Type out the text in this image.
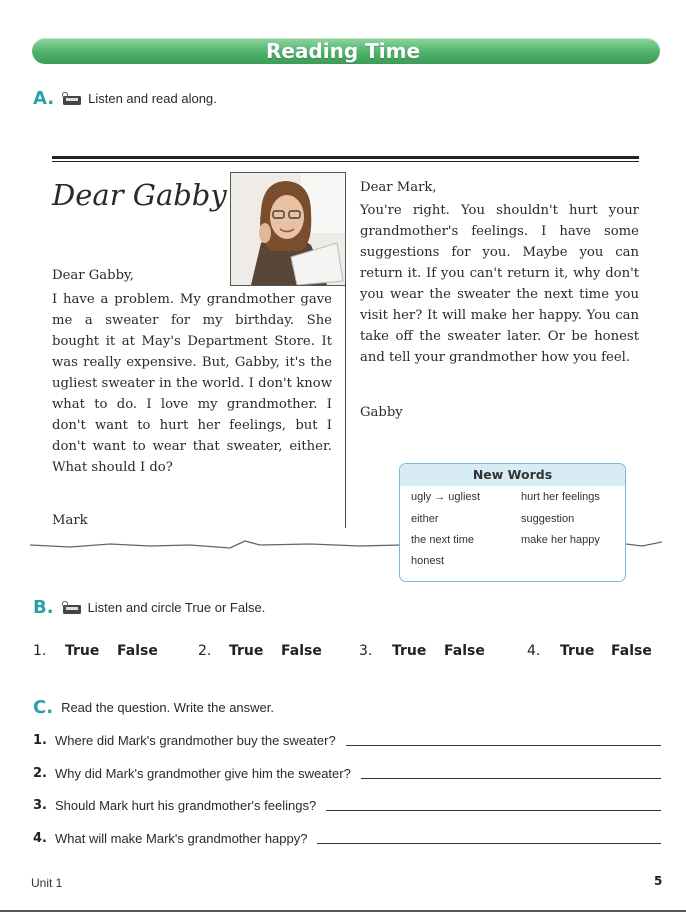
Reading Time
A.	Listen and read along.
Dear Gabby
Dear Gabby,
I have a problem. My grandmother gave me a sweater for my birthday. She bought it at May's Department Store. It was really expensive. But, Gabby, it's the ugliest sweater in the world. I don't know what to do. I love my grandmother. I don't want to hurt her feelings, but I don't want to wear that sweater, either. What should I do?
Mark
Dear Mark,
You're right. You shouldn't hurt your grandmother's feelings. I have some suggestions for you. Maybe you can return it. If you can't return it, why don't you wear the sweater the next time you visit her? It will make her happy. You can take off the sweater later. Or be honest and tell your grandmother how you feel.
Gabby
New Words
ugly → ugliest	hurt her feelings
either	suggestion
the next time	make her happy
honest
B.	Listen and circle True or False.
1. True False	2. True False	3. True False	4. True False
C. Read the question. Write the answer.
1. Where did Mark's grandmother buy the sweater?
2. Why did Mark's grandmother give him the sweater?
3. Should Mark hurt his grandmother's feelings?
4. What will make Mark's grandmother happy?
Unit 1	5
